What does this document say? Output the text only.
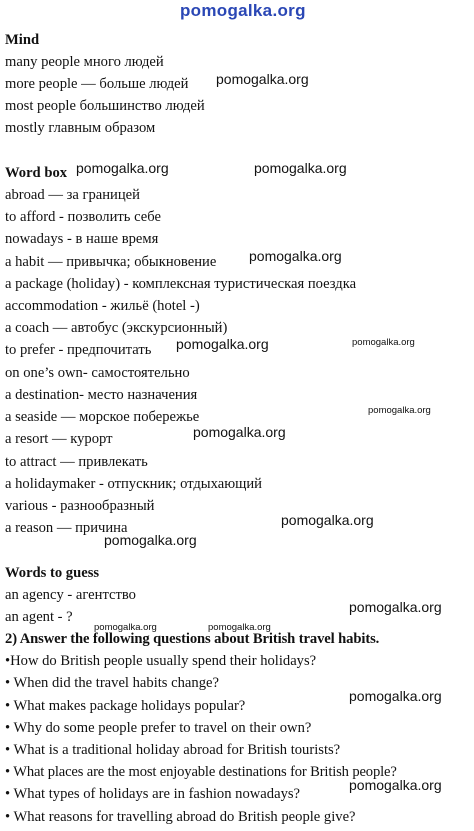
pomogalka.org
Mind
many people много людей
more people — больше людей
most people большинство людей
mostly главным образом
Word box
abroad — за границей
to afford - позволить себе
nowadays - в наше время
a habit — привычка; обыкновение
a package (holiday) - комплексная туристическая поездка
accommodation - жильё (hotel -)
a coach — автобус (экскурсионный)
to prefer - предпочитать
on one’s own- самостоятельно
a destination- место назначения
a seaside — морское побережье
a resort — курорт
to attract — привлекать
a holidaymaker - отпускник; отдыхающий
various - разнообразный
a reason — причина
Words to guess
an agency - агентство
an agent - ?
2) Answer the following questions about British travel habits.
•How do British people usually spend their holidays?
• When did the travel habits change?
• What makes package holidays popular?
• Why do some people prefer to travel on their own?
• What is a traditional holiday abroad for British tourists?
• What places are the most enjoyable destinations for British people?
• What types of holidays are in fashion nowadays?
• What reasons for travelling abroad do British people give?
pomogalka.org
pomogalka.org	pomogalka.org
pomogalka.org
pomogalka.org	pomogalka.org
pomogalka.org
pomogalka.org
pomogalka.org
pomogalka.org
pomogalka.org
pomogalka.org	pomogalka.org
pomogalka.org
pomogalka.org
